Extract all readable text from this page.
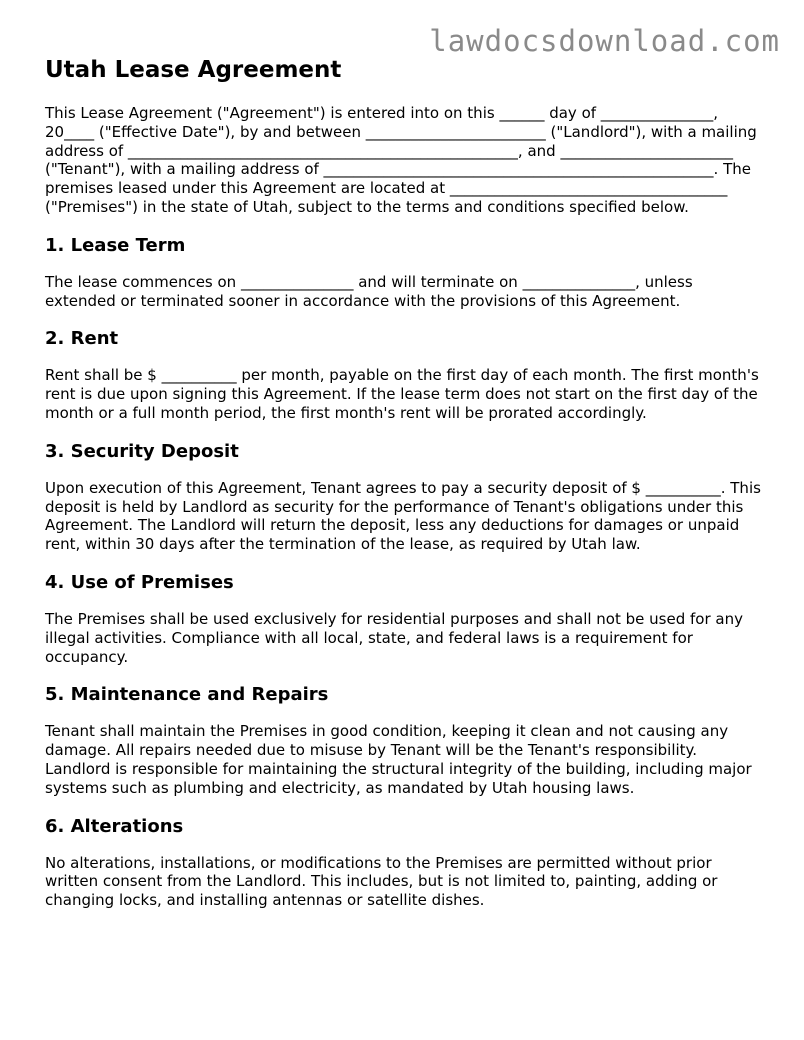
lawdocsdownload.com
Utah Lease Agreement

This Lease Agreement ("Agreement") is entered into on this ______ day of _______________, 20____ ("Effective Date"), by and between ________________________ ("Landlord"), with a mailing address of ____________________________________________________, and _______________________ ("Tenant"), with a mailing address of ____________________________________________________. The premises leased under this Agreement are located at _____________________________________ ("Premises") in the state of Utah, subject to the terms and conditions specified below.

1. Lease Term

The lease commences on _______________ and will terminate on _______________, unless extended or terminated sooner in accordance with the provisions of this Agreement.

2. Rent

Rent shall be $ __________ per month, payable on the first day of each month. The first month's rent is due upon signing this Agreement. If the lease term does not start on the first day of the month or a full month period, the first month's rent will be prorated accordingly.

3. Security Deposit

Upon execution of this Agreement, Tenant agrees to pay a security deposit of $ __________. This deposit is held by Landlord as security for the performance of Tenant's obligations under this Agreement. The Landlord will return the deposit, less any deductions for damages or unpaid rent, within 30 days after the termination of the lease, as required by Utah law.

4. Use of Premises

The Premises shall be used exclusively for residential purposes and shall not be used for any illegal activities. Compliance with all local, state, and federal laws is a requirement for occupancy.

5. Maintenance and Repairs

Tenant shall maintain the Premises in good condition, keeping it clean and not causing any damage. All repairs needed due to misuse by Tenant will be the Tenant's responsibility. Landlord is responsible for maintaining the structural integrity of the building, including major systems such as plumbing and electricity, as mandated by Utah housing laws.

6. Alterations

No alterations, installations, or modifications to the Premises are permitted without prior written consent from the Landlord. This includes, but is not limited to, painting, adding or changing locks, and installing antennas or satellite dishes.
